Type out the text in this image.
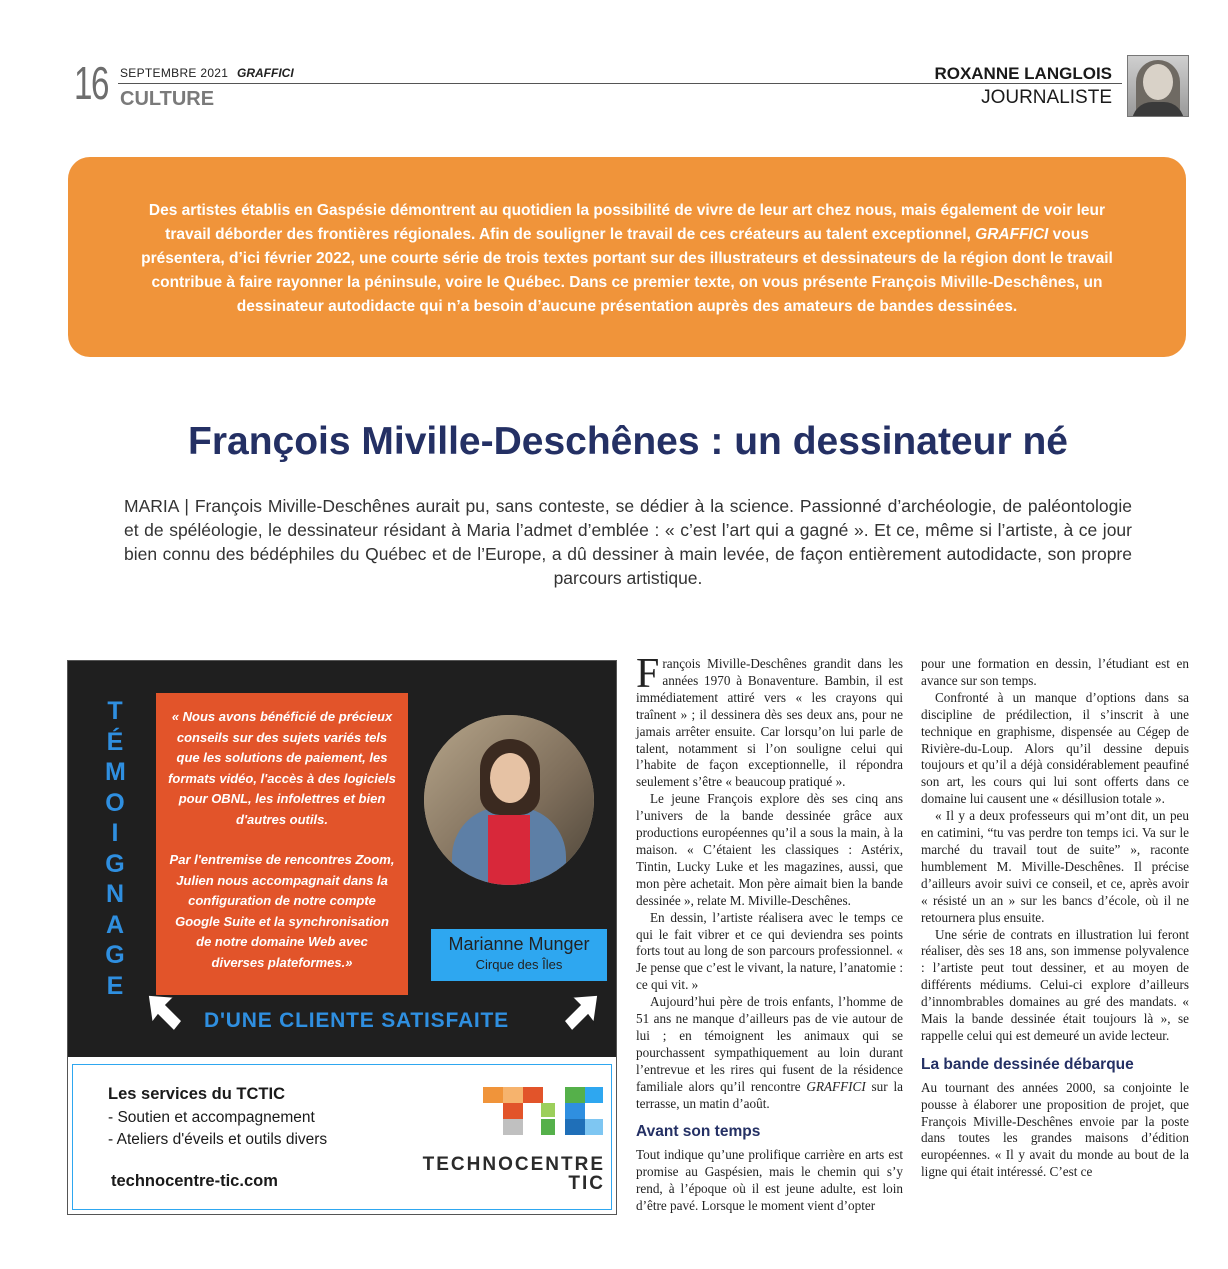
16 SEPTEMBRE 2021 GRAFFICI
CULTURE
ROXANNE LANGLOIS
JOURNALISTE

Des artistes établis en Gaspésie démontrent au quotidien la possibilité de vivre de leur art chez nous, mais également de voir leur travail déborder des frontières régionales. Afin de souligner le travail de ces créateurs au talent exceptionnel, GRAFFICI vous présentera, d’ici février 2022, une courte série de trois textes portant sur des illustrateurs et dessinateurs de la région dont le travail contribue à faire rayonner la péninsule, voire le Québec. Dans ce premier texte, on vous présente François Miville-Deschênes, un dessinateur autodidacte qui n’a besoin d’aucune présentation auprès des amateurs de bandes dessinées.

François Miville-Deschênes : un dessinateur né
MARIA | François Miville-Deschênes aurait pu, sans conteste, se dédier à la science. Passionné d’archéologie, de paléontologie et de spéléologie, le dessinateur résidant à Maria l’admet d’emblée : « c’est l’art qui a gagné ». Et ce, même si l’artiste, à ce jour bien connu des bédéphiles du Québec et de l’Europe, a dû dessiner à main levée, de façon entièrement autodidacte, son propre parcours artistique.
T
É
M
O
I
G
N
A
G
E

« Nous avons bénéficié de précieux conseils sur des sujets variés tels que les solutions de paiement, les formats vidéo, l'accès à des logiciels pour OBNL, les infolettres et bien d'autres outils.

Par l'entremise de rencontres Zoom, Julien nous accompagnait dans la configuration de notre compte Google Suite et la synchronisation de notre domaine Web avec diverses plateformes.»

Marianne Munger
Cirque des Îles
D'UNE CLIENTE SATISFAITE
Les services du TCTIC
- Soutien et accompagnement
- Ateliers d'éveils et outils divers
technocentre-tic.com
TECHNOCENTRE
TIC

François Miville-Deschênes grandit dans les années 1970 à Bonaventure. Bambin, il est immédiatement attiré vers « les crayons qui traînent » ; il dessinera dès ses deux ans, pour ne jamais arrêter ensuite. Car lorsqu’on lui parle de talent, notamment si l’on souligne celui qui l’habite de façon exceptionnelle, il répondra seulement s’être « beaucoup pratiqué ».

Le jeune François explore dès ses cinq ans l’univers de la bande dessinée grâce aux productions européennes qu’il a sous la main, à la maison. « C’étaient les classiques : Astérix, Tintin, Lucky Luke et les magazines, aussi, que mon père achetait. Mon père aimait bien la bande dessinée », relate M. Miville-Deschênes.

En dessin, l’artiste réalisera avec le temps ce qui le fait vibrer et ce qui deviendra ses points forts tout au long de son parcours professionnel. « Je pense que c’est le vivant, la nature, l’anatomie : ce qui vit. »

Aujourd’hui père de trois enfants, l’homme de 51 ans ne manque d’ailleurs pas de vie autour de lui ; en témoignent les animaux qui se pourchassent sympathiquement au loin durant l’entrevue et les rires qui fusent de la résidence familiale alors qu’il rencontre GRAFFICI sur la terrasse, un matin d’août.

Avant son temps

Tout indique qu’une prolifique carrière en arts est promise au Gaspésien, mais le chemin qui s’y rend, à l’époque où il est jeune adulte, est loin d’être pavé. Lorsque le moment vient d’opter

pour une formation en dessin, l’étudiant est en avance sur son temps.

Confronté à un manque d’options dans sa discipline de prédilection, il s’inscrit à une technique en graphisme, dispensée au Cégep de Rivière-du-Loup. Alors qu’il dessine depuis toujours et qu’il a déjà considérablement peaufiné son art, les cours qui lui sont offerts dans ce domaine lui causent une « désillusion totale ».

« Il y a deux professeurs qui m’ont dit, un peu en catimini, “tu vas perdre ton temps ici. Va sur le marché du travail tout de suite” », raconte humblement M. Miville-Deschênes. Il précise d’ailleurs avoir suivi ce conseil, et ce, après avoir « résisté un an » sur les bancs d’école, où il ne retournera plus ensuite.

Une série de contrats en illustration lui feront réaliser, dès ses 18 ans, son immense polyvalence : l’artiste peut tout dessiner, et au moyen de différents médiums. Celui-ci explore d’ailleurs d’innombrables domaines au gré des mandats. « Mais la bande dessinée était toujours là », se rappelle celui qui est demeuré un avide lecteur.

La bande dessinée débarque

Au tournant des années 2000, sa conjointe le pousse à élaborer une proposition de projet, que François Miville-Deschênes envoie par la poste dans toutes les grandes maisons d’édition européennes. « Il y avait du monde au bout de la ligne qui était intéressé. C’est ce
